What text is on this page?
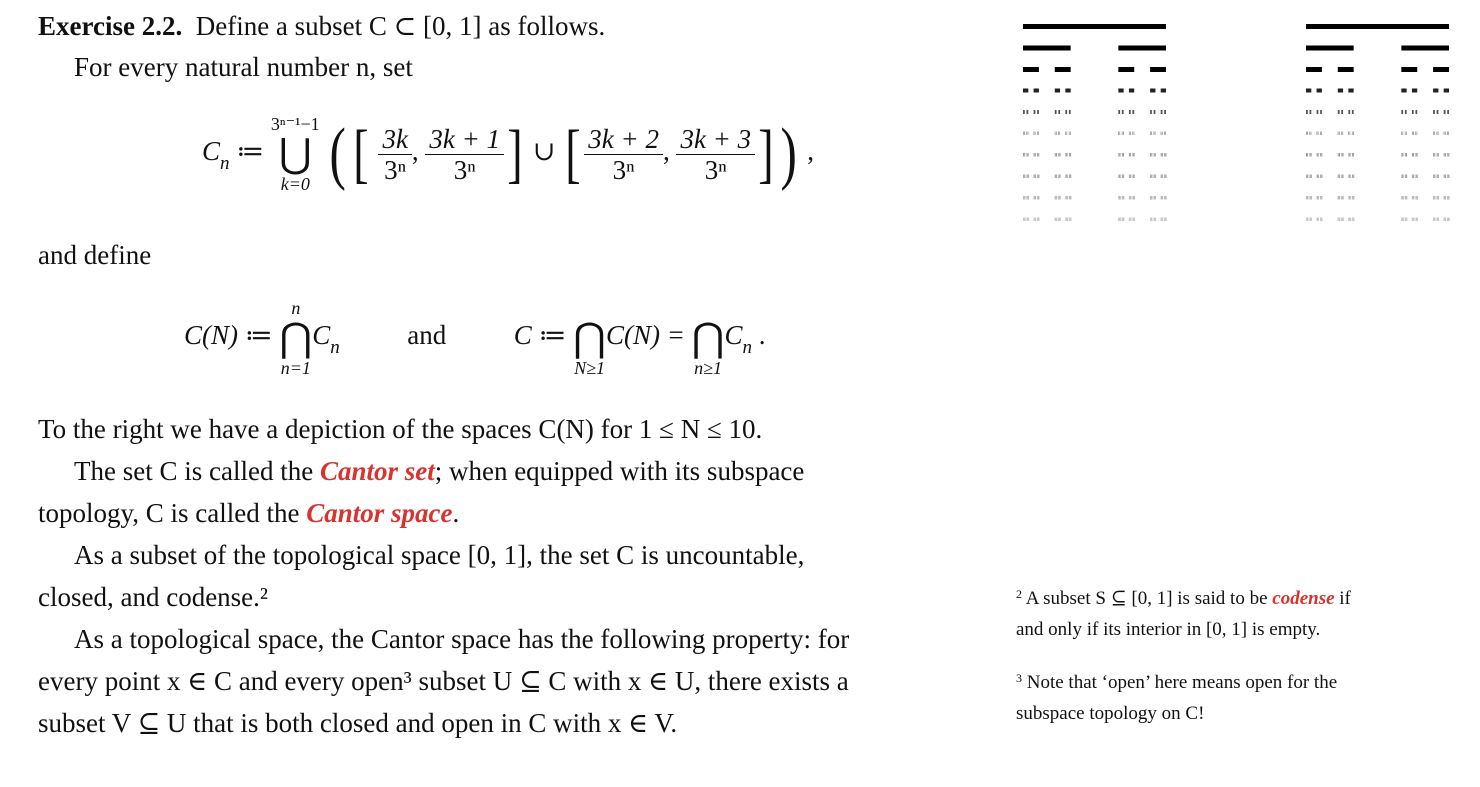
Exercise 2.2. Define a subset C ⊂ [0, 1] as follows.
For every natural number n, set
$C_n$ ≔
3ⁿ⁻¹−1
⋃
k=0 ( [ $\frac{3k}{\text{3ⁿ}}$ , $\frac{3k + 1}{\text{3ⁿ}}$ ] ∪ [ $\frac{3k + 2}{\text{3ⁿ}}$ , $\frac{3k + 3}{\text{3ⁿ}}$ ]) ,
and define
C(N) ≔
n
⋂
n=1
$C_n$	and	C ≔
⋂
N≥1
C(N) =
⋂
n≥1
$C_n$ .
To the right we have a depiction of the spaces C(N) for 1 ≤ N ≤ 10.
The set C is called the Cantor set; when equipped with its subspace
topology, C is called the Cantor space.
As a subset of the topological space [0, 1], the set C is uncountable,
closed, and codense.²
As a topological space, the Cantor space has the following property: for
every point x ∈ C and every open³ subset U ⊆ C with x ∈ U, there exists a
subset V ⊆ U that is both closed and open in C with x ∈ V.
$^2$ A subset S ⊆ [0, 1] is said to be codense if
and only if its interior in [0, 1] is empty.
$^3$ Note that ‘open’ here means open for the
subspace topology on C!
